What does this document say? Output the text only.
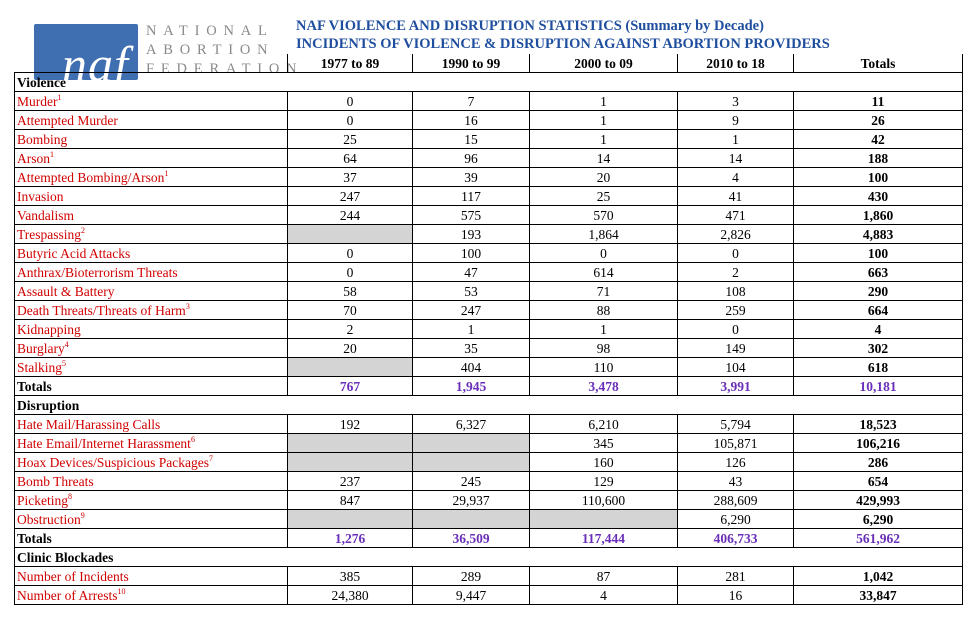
naf
NATIONAL
ABORTION
FEDERATION
NAF VIOLENCE AND DISRUPTION STATISTICS (Summary by Decade)
INCIDENTS OF VIOLENCE & DISRUPTION AGAINST ABORTION PROVIDERS
	1977 to 89	1990 to 99	2000 to 09	2010 to 18	Totals
Violence					
Murder$^1$	0	7	1	3	11
Attempted Murder	0	16	1	9	26
Bombing	25	15	1	1	42
Arson$^1$	64	96	14	14	188
Attempted Bombing/Arson$^1$	37	39	20	4	100
Invasion	247	117	25	41	430
Vandalism	244	575	570	471	1,860
Trespassing$^2$		193	1,864	2,826	4,883
Butyric Acid Attacks	0	100	0	0	100
Anthrax/Bioterrorism Threats	0	47	614	2	663
Assault & Battery	58	53	71	108	290
Death Threats/Threats of Harm$^3$	70	247	88	259	664
Kidnapping	2	1	1	0	4
Burglary$^4$	20	35	98	149	302
Stalking$^5$		404	110	104	618
Totals	767	1,945	3,478	3,991	10,181
Disruption					
Hate Mail/Harassing Calls	192	6,327	6,210	5,794	18,523
Hate Email/Internet Harassment$^6$			345	105,871	106,216
Hoax Devices/Suspicious Packages$^7$			160	126	286
Bomb Threats	237	245	129	43	654
Picketing$^8$	847	29,937	110,600	288,609	429,993
Obstruction$^9$				6,290	6,290
Totals	1,276	36,509	117,444	406,733	561,962
Clinic Blockades					
Number of Incidents	385	289	87	281	1,042
Number of Arrests$^{10}$	24,380	9,447	4	16	33,847
